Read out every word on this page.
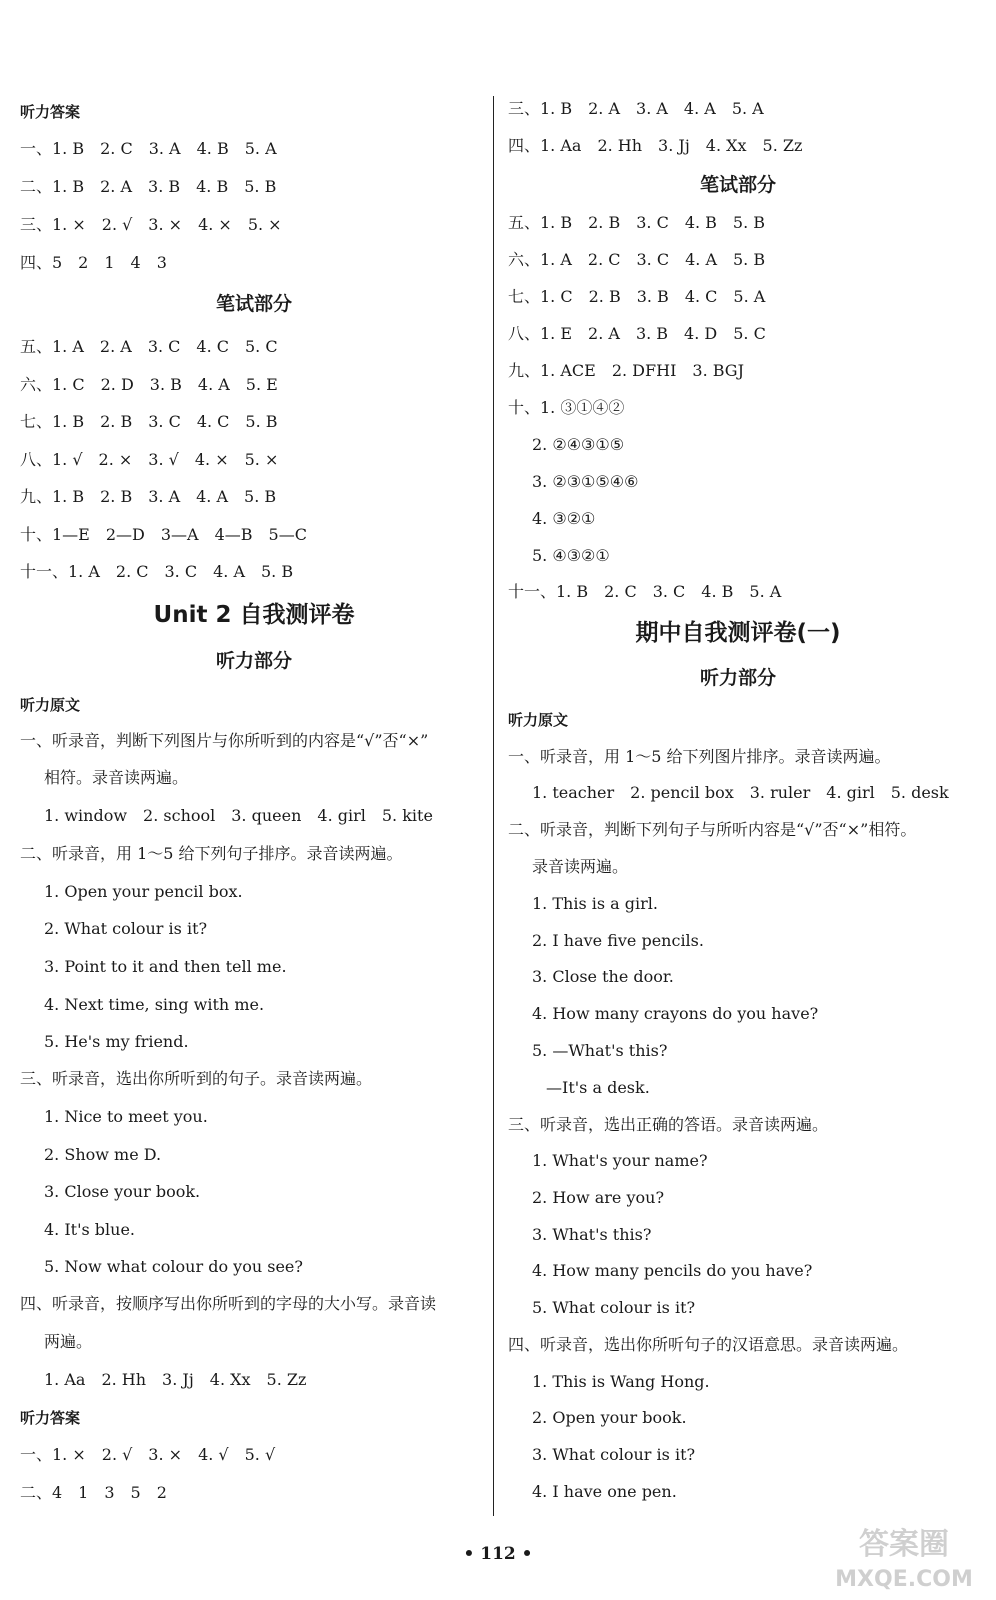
听力答案
一、1. B　2. C　3. A　4. B　5. A
二、1. B　2. A　3. B　4. B　5. B
三、1. ×　2. √　3. ×　4. ×　5. ×
四、5　2　1　4　3
笔试部分
五、1. A　2. A　3. C　4. C　5. C
六、1. C　2. D　3. B　4. A　5. E
七、1. B　2. B　3. C　4. C　5. B
八、1. √　2. ×　3. √　4. ×　5. ×
九、1. B　2. B　3. A　4. A　5. B
十、1—E　2—D　3—A　4—B　5—C
十一、1. A　2. C　3. C　4. A　5. B
Unit 2 自我测评卷
听力部分
听力原文
一、听录音，判断下列图片与你所听到的内容是“√”否“×”
相符。录音读两遍。
1. window　2. school　3. queen　4. girl　5. kite
二、听录音，用 1～5 给下列句子排序。录音读两遍。
1. Open your pencil box.
2. What colour is it?
3. Point to it and then tell me.
4. Next time, sing with me.
5. He's my friend.
三、听录音，选出你所听到的句子。录音读两遍。
1. Nice to meet you.
2. Show me D.
3. Close your book.
4. It's blue.
5. Now what colour do you see?
四、听录音，按顺序写出你所听到的字母的大小写。录音读
两遍。
1. Aa　2. Hh　3. Jj　4. Xx　5. Zz
听力答案
一、1. ×　2. √　3. ×　4. √　5. √
二、4　1　3　5　2
三、1. B　2. A　3. A　4. A　5. A
四、1. Aa　2. Hh　3. Jj　4. Xx　5. Zz
笔试部分
五、1. B　2. B　3. C　4. B　5. B
六、1. A　2. C　3. C　4. A　5. B
七、1. C　2. B　3. B　4. C　5. A
八、1. E　2. A　3. B　4. D　5. C
九、1. ACE　2. DFHI　3. BGJ
十、1. ③①④②
2. ②④③①⑤
3. ②③①⑤④⑥
4. ③②①
5. ④③②①
十一、1. B　2. C　3. C　4. B　5. A
期中自我测评卷(一)
听力部分
听力原文
一、听录音，用 1～5 给下列图片排序。录音读两遍。
1. teacher　2. pencil box　3. ruler　4. girl　5. desk
二、听录音，判断下列句子与所听内容是“√”否“×”相符。
录音读两遍。
1. This is a girl.
2. I have five pencils.
3. Close the door.
4. How many crayons do you have?
5. —What's this?
—It's a desk.
三、听录音，选出正确的答语。录音读两遍。
1. What's your name?
2. How are you?
3. What's this?
4. How many pencils do you have?
5. What colour is it?
四、听录音，选出你所听句子的汉语意思。录音读两遍。
1. This is Wang Hong.
2. Open your book.
3. What colour is it?
4. I have one pen.
• 112 •	答案圈
MXQE.COM
